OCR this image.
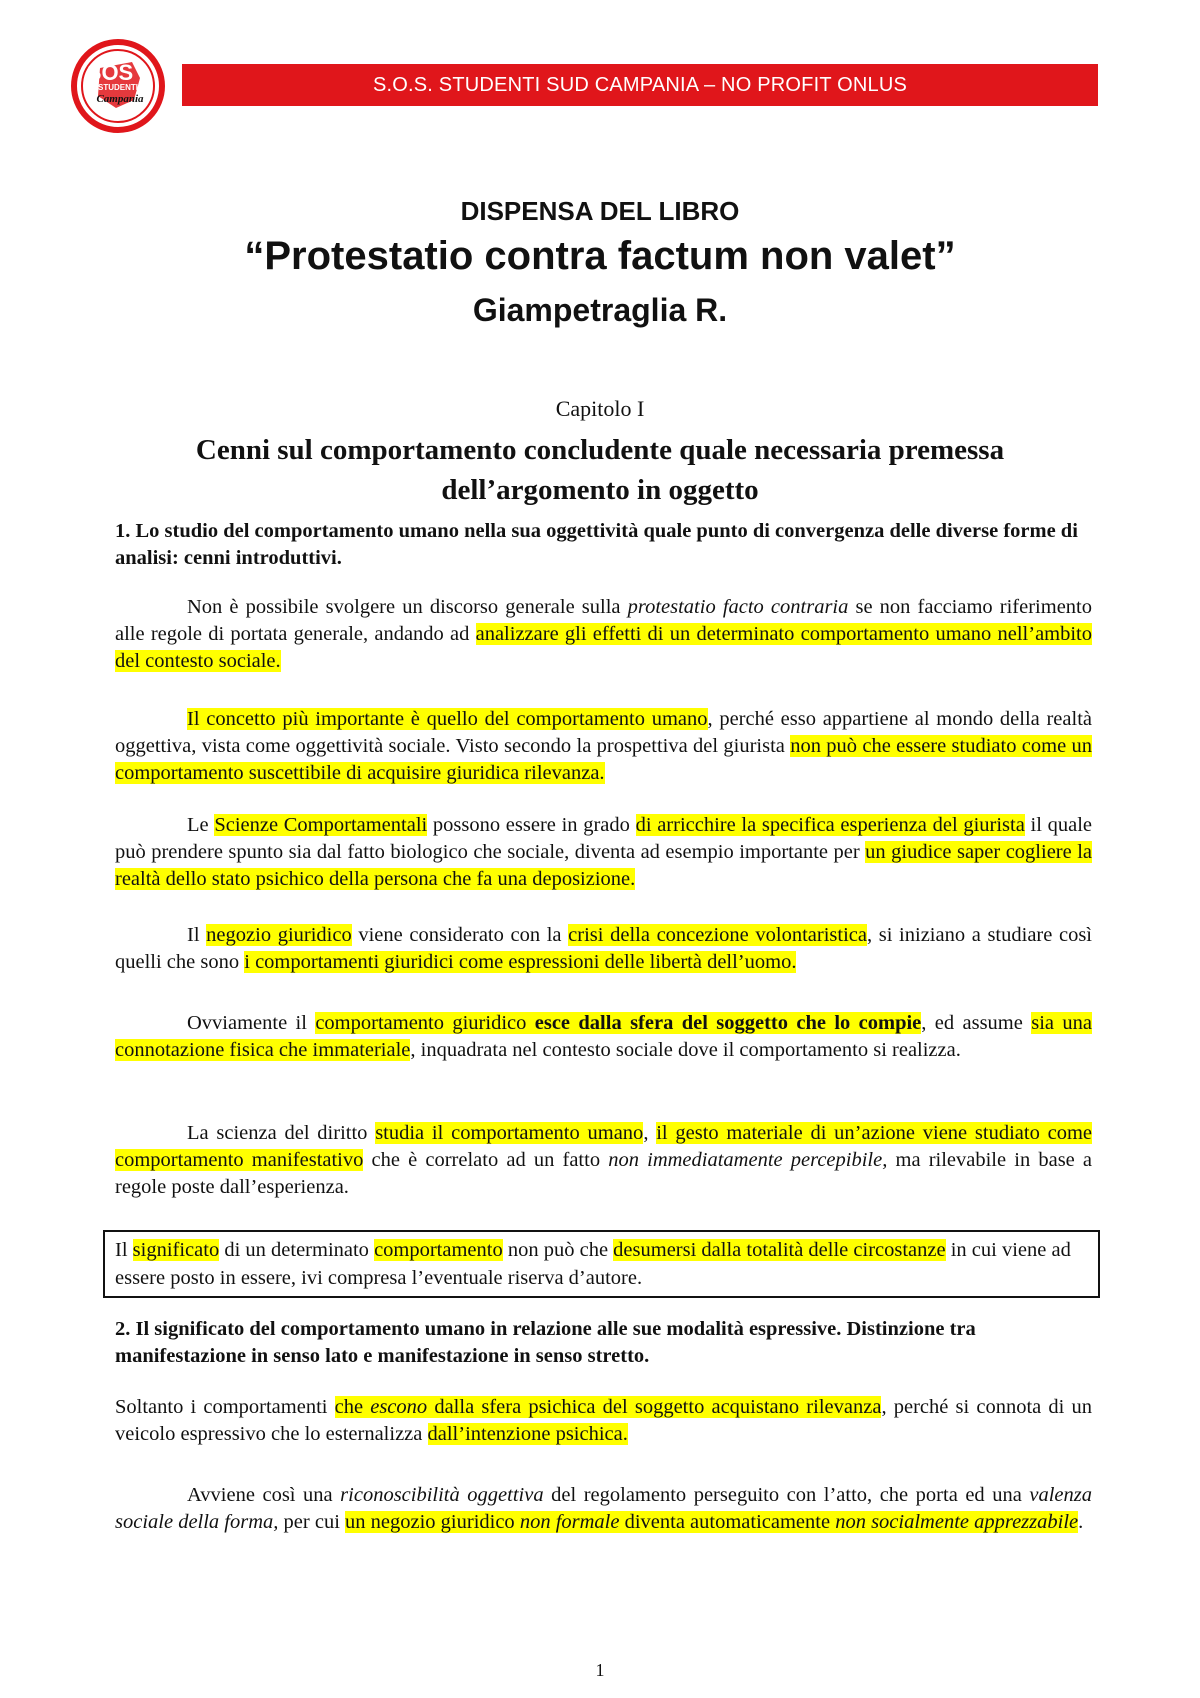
SOS
STUDENTI
Campania
onlus
S.O.S. STUDENTI SUD CAMPANIA – NO PROFIT ONLUS
DISPENSA DEL LIBRO
“Protestatio contra factum non valet”
Giampetraglia R.
Capitolo I
Cenni sul comportamento concludente quale necessaria premessa
dell’argomento in oggetto
1. Lo studio del comportamento umano nella sua oggettività quale punto di convergenza delle diverse forme di analisi: cenni introduttivi.
Non è possibile svolgere un discorso generale sulla protestatio facto contraria se non facciamo riferimento alle regole di portata generale, andando ad analizzare gli effetti di un determinato comportamento umano nell’ambito del contesto sociale.
Il concetto più importante è quello del comportamento umano, perché esso appartiene al mondo della realtà oggettiva, vista come oggettività sociale. Visto secondo la prospettiva del giurista non può che essere studiato come un comportamento suscettibile di acquisire giuridica rilevanza.
Le Scienze Comportamentali possono essere in grado di arricchire la specifica esperienza del giurista il quale può prendere spunto sia dal fatto biologico che sociale, diventa ad esempio importante per un giudice saper cogliere la realtà dello stato psichico della persona che fa una deposizione.
Il negozio giuridico viene considerato con la crisi della concezione volontaristica, si iniziano a studiare così quelli che sono i comportamenti giuridici come espressioni delle libertà dell’uomo.
Ovviamente il comportamento giuridico esce dalla sfera del soggetto che lo compie, ed assume sia una connotazione fisica che immateriale, inquadrata nel contesto sociale dove il comportamento si realizza.
La scienza del diritto studia il comportamento umano, il gesto materiale di un’azione viene studiato come comportamento manifestativo che è correlato ad un fatto non immediatamente percepibile, ma rilevabile in base a regole poste dall’esperienza.
Il significato di un determinato comportamento non può che desumersi dalla totalità delle circostanze in cui viene ad essere posto in essere, ivi compresa l’eventuale riserva d’autore.
2. Il significato del comportamento umano in relazione alle sue modalità espressive. Distinzione tra manifestazione in senso lato e manifestazione in senso stretto.
Soltanto i comportamenti che escono dalla sfera psichica del soggetto acquistano rilevanza, perché si connota di un veicolo espressivo che lo esternalizza dall’intenzione psichica.
Avviene così una riconoscibilità oggettiva del regolamento perseguito con l’atto, che porta ed una valenza sociale della forma, per cui un negozio giuridico non formale diventa automaticamente non socialmente apprezzabile.
1
